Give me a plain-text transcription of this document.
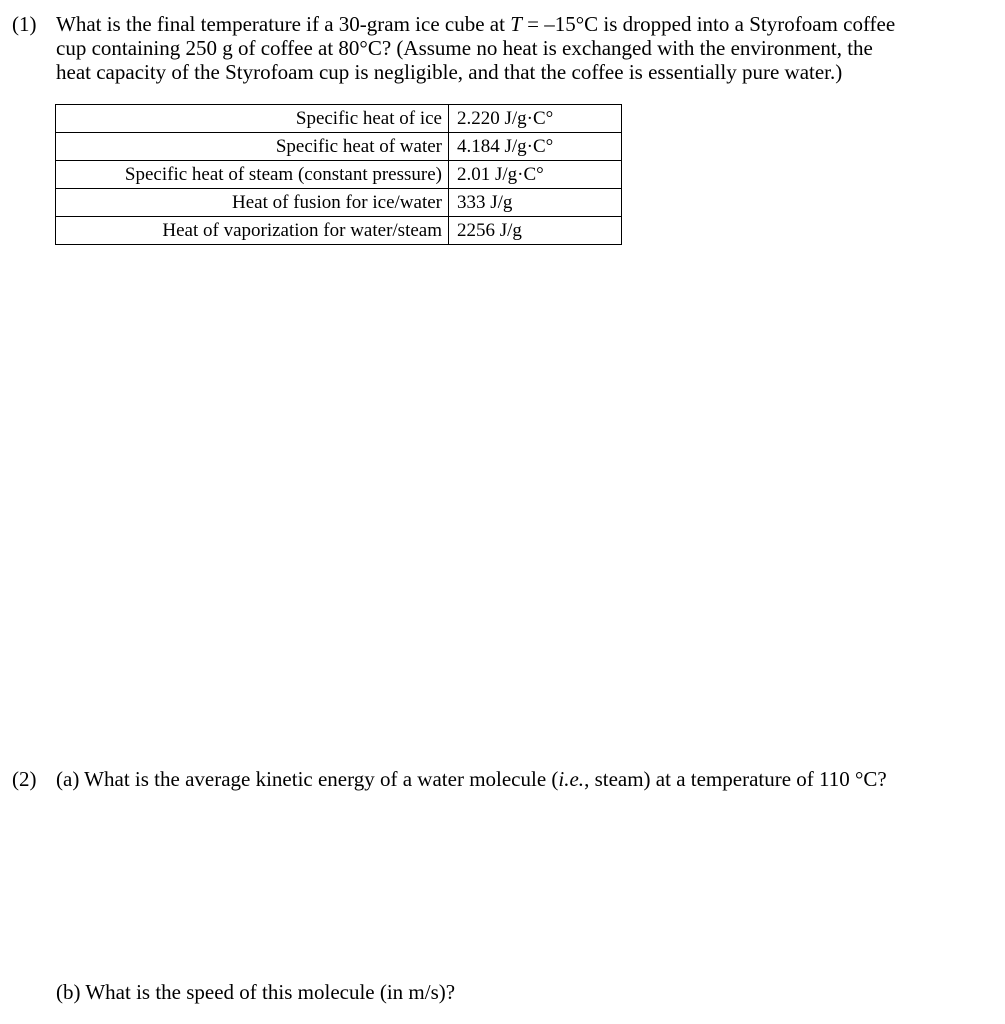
(1) What is the final temperature if a 30-gram ice cube at T = –15°C is dropped into a Styrofoam coffee
cup containing 250 g of coffee at 80°C? (Assume no heat is exchanged with the environment, the
heat capacity of the Styrofoam cup is negligible, and that the coffee is essentially pure water.)
Specific heat of ice	2.220 J/g·C°
Specific heat of water	4.184 J/g·C°
Specific heat of steam (constant pressure)	2.01 J/g·C°
Heat of fusion for ice/water	333 J/g
Heat of vaporization for water/steam	2256 J/g
(2) (a) What is the average kinetic energy of a water molecule (i.e., steam) at a temperature of 110 °C?
(b) What is the speed of this molecule (in m/s)?
